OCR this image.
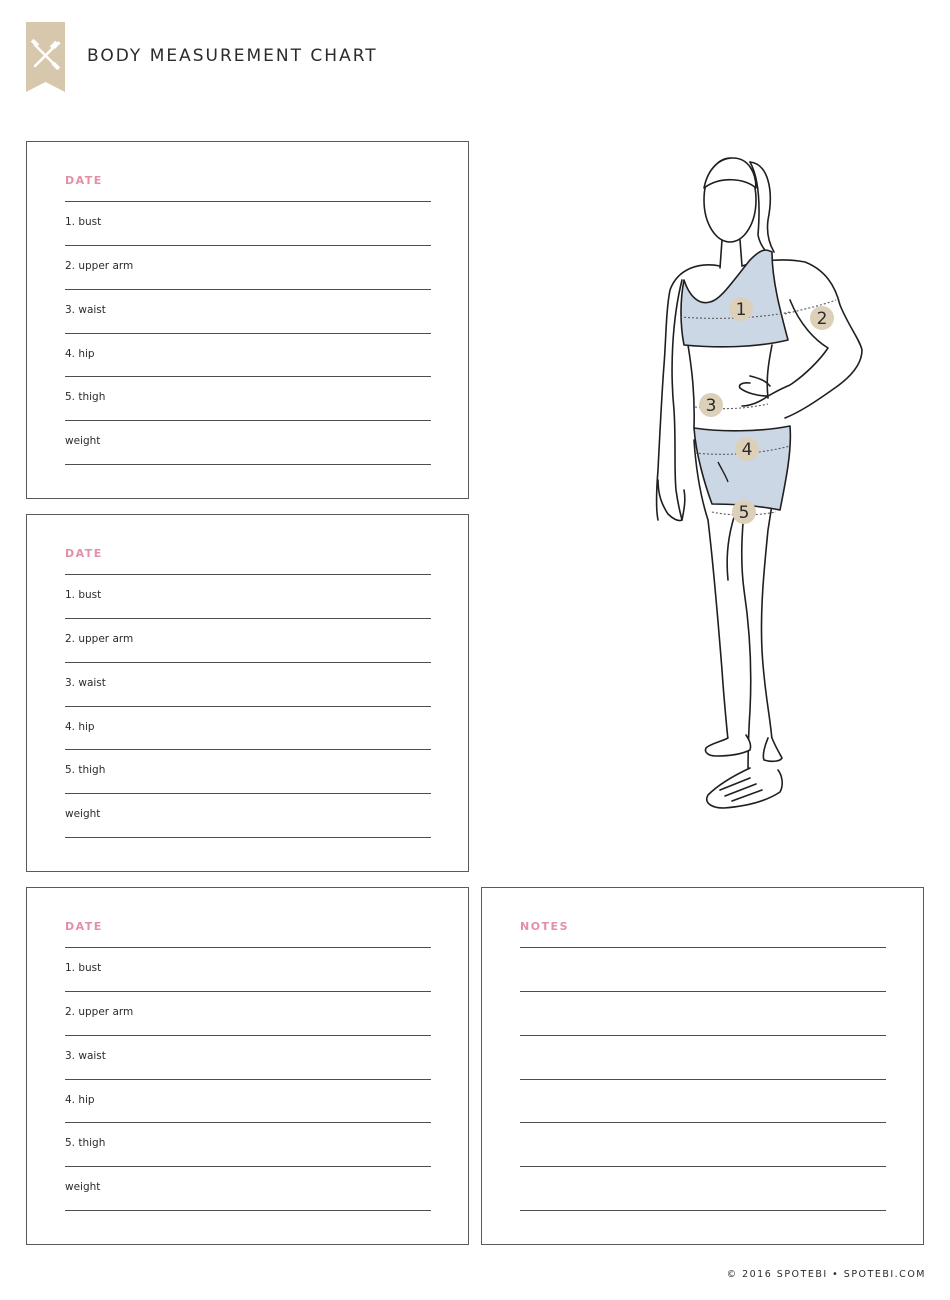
BODY MEASUREMENT CHART
DATE
1. bust
2. upper arm
3. waist
4. hip
5. thigh
weight
DATE
1. bust
2. upper arm
3. waist
4. hip
5. thigh
weight
DATE
1. bust
2. upper arm
3. waist
4. hip
5. thigh
weight
NOTES
1	2
3
4
5
© 2016 SPOTEBI • SPOTEBI.COM
